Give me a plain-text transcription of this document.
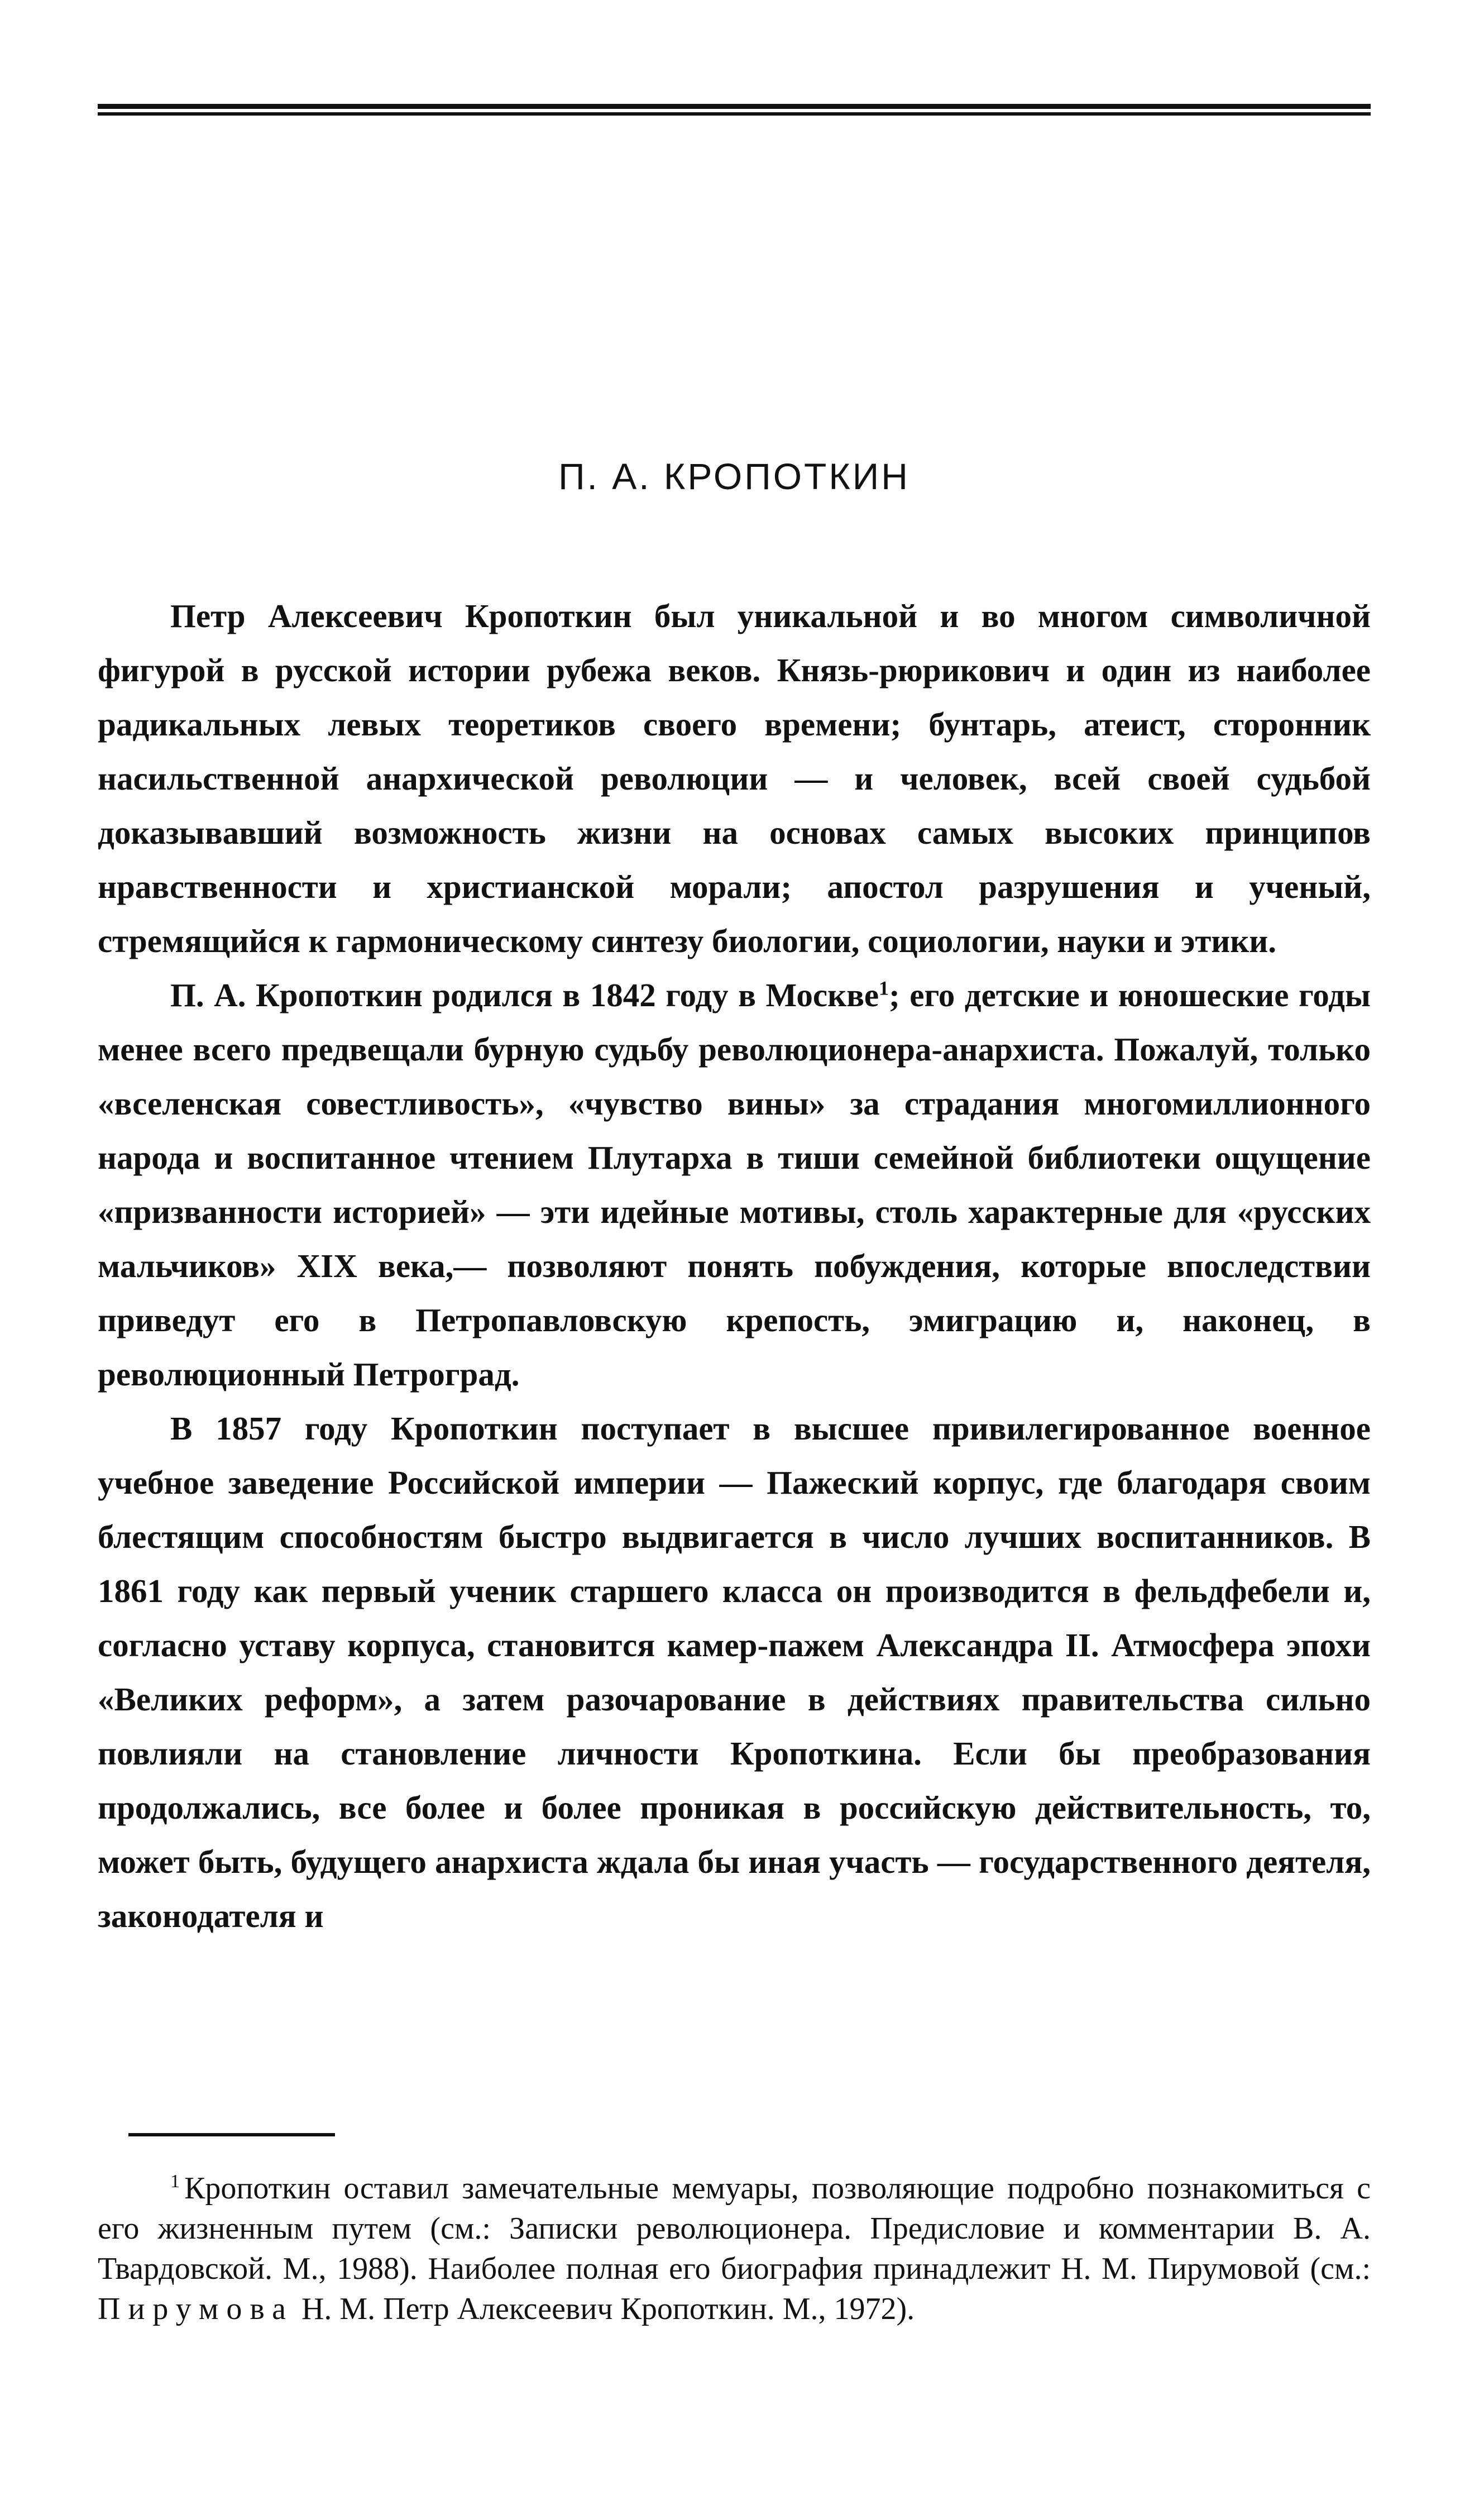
П. А. КРОПОТКИН

Петр Алексеевич Кропоткин был уникальной и во многом символичной фигурой в русской истории рубежа веков. Князь-рюрикович и один из наиболее радикальных левых теоретиков своего времени; бунтарь, атеист, сторонник насильственной анархической революции — и человек, всей своей судьбой доказывавший возможность жизни на основах самых высоких принципов нравственности и христианской морали; апостол разрушения и ученый, стремящийся к гармоническому синтезу биологии, социологии, науки и этики.

П. А. Кропоткин родился в 1842 году в Москве$^1$; его детские и юношеские годы менее всего предвещали бурную судьбу революционера-анархиста. Пожалуй, только «вселенская совестливость», «чувство вины» за страдания многомиллионного народа и воспитанное чтением Плутарха в тиши семейной библиотеки ощущение «призванности историей» — эти идейные мотивы, столь характерные для «русских мальчиков» XIX века,— позволяют понять побуждения, которые впоследствии приведут его в Петропавловскую крепость, эмиграцию и, наконец, в революционный Петроград.

В 1857 году Кропоткин поступает в высшее привилегированное военное учебное заведение Российской империи — Пажеский корпус, где благодаря своим блестящим способностям быстро выдвигается в число лучших воспитанников. В 1861 году как первый ученик старшего класса он производится в фельдфебели и, согласно уставу корпуса, становится камер-пажем Александра II. Атмосфера эпохи «Великих реформ», а затем разочарование в действиях правительства сильно повлияли на становление личности Кропоткина. Если бы преобразования продолжались, все более и более проникая в российскую действительность, то, может быть, будущего анархиста ждала бы иная участь — государственного деятеля, законодателя и

$^1$ Кропоткин оставил замечательные мемуары, позволяющие подробно познакомиться с его жизненным путем (см.: Записки революционера. Предисловие и комментарии В. А. Твардовской. М., 1988). Наиболее полная его биография принадлежит Н. М. Пирумовой (см.: Пирумова Н. М. Петр Алексеевич Кропоткин. М., 1972).
